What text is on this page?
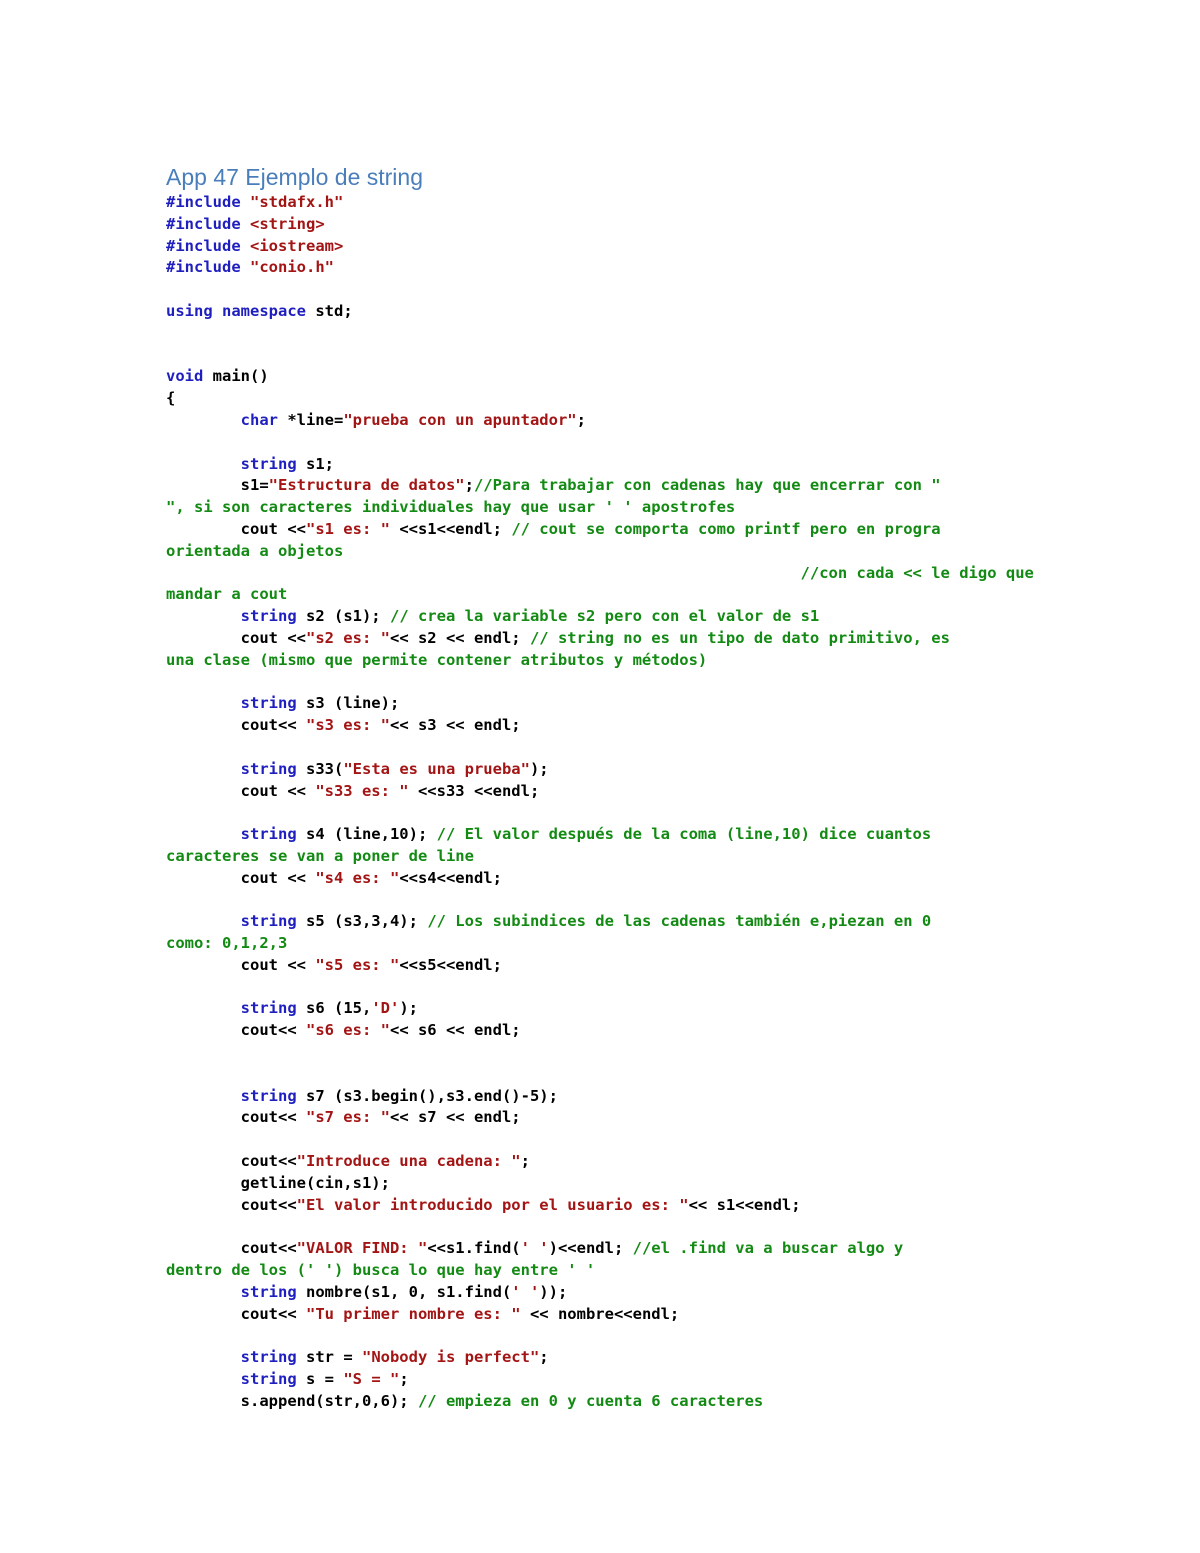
App 47 Ejemplo de string
#include "stdafx.h"
#include <string>
#include <iostream>
#include "conio.h"
using namespace std;
void main()
{
char *line="prueba con un apuntador";
string s1;
s1="Estructura de datos";//Para trabajar con cadenas hay que encerrar con "
", si son caracteres individuales hay que usar ' ' apostrofes
cout <<"s1 es: " <<s1<<endl; // cout se comporta como printf pero en progra
orientada a objetos
//con cada << le digo que
mandar a cout
string s2 (s1); // crea la variable s2 pero con el valor de s1
cout <<"s2 es: "<< s2 << endl; // string no es un tipo de dato primitivo, es
una clase (mismo que permite contener atributos y métodos)
string s3 (line);
cout<< "s3 es: "<< s3 << endl;
string s33("Esta es una prueba");
cout << "s33 es: " <<s33 <<endl;
string s4 (line,10); // El valor después de la coma (line,10) dice cuantos
caracteres se van a poner de line
cout << "s4 es: "<<s4<<endl;
string s5 (s3,3,4); // Los subindices de las cadenas también e,piezan en 0
como: 0,1,2,3
cout << "s5 es: "<<s5<<endl;
string s6 (15,'D');
cout<< "s6 es: "<< s6 << endl;
string s7 (s3.begin(),s3.end()-5);
cout<< "s7 es: "<< s7 << endl;
cout<<"Introduce una cadena: ";
getline(cin,s1);
cout<<"El valor introducido por el usuario es: "<< s1<<endl;
cout<<"VALOR FIND: "<<s1.find(' ')<<endl; //el .find va a buscar algo y
dentro de los (' ') busca lo que hay entre ' '
string nombre(s1, 0, s1.find(' '));
cout<< "Tu primer nombre es: " << nombre<<endl;
string str = "Nobody is perfect";
string s = "S = ";
s.append(str,0,6); // empieza en 0 y cuenta 6 caracteres
